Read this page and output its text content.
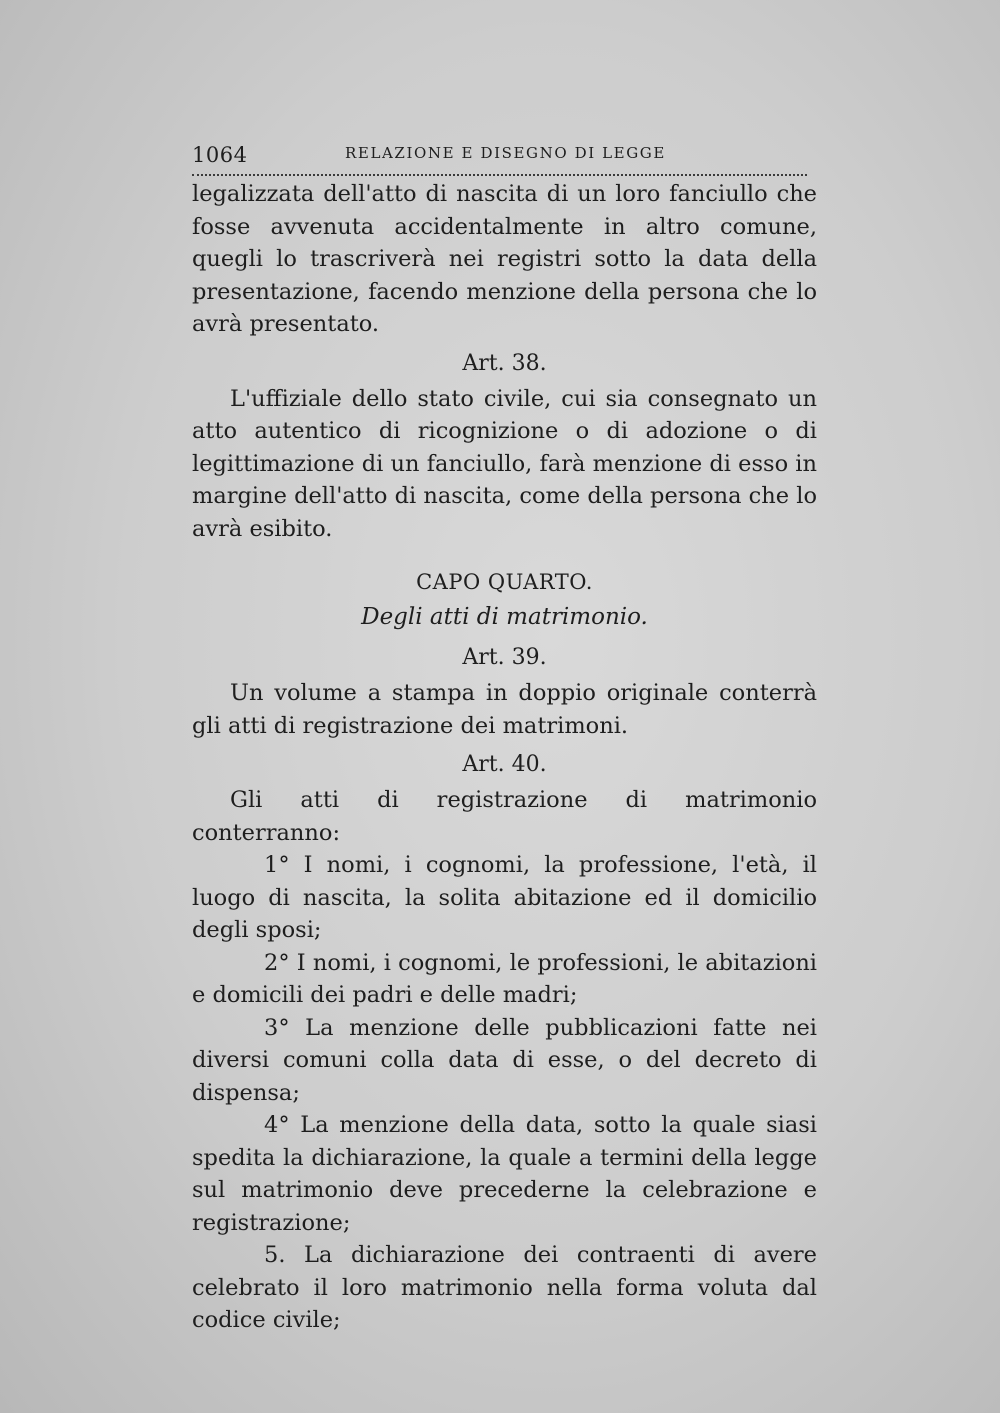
1064	RELAZIONE E DISEGNO DI LEGGE

legalizzata dell'atto di nascita di un loro fanciullo che fosse avvenuta accidentalmente in altro comune, quegli lo trascriverà nei registri sotto la data della presentazione, facendo menzione della persona che lo avrà presentato.

Art. 38.

L'uffiziale dello stato civile, cui sia consegnato un atto autentico di ricognizione o di adozione o di legittimazione di un fanciullo, farà menzione di esso in margine dell'atto di nascita, come della persona che lo avrà esibito.

CAPO QUARTO.
Degli atti di matrimonio.
Art. 39.

Un volume a stampa in doppio originale conterrà gli atti di registrazione dei matrimoni.

Art. 40.

Gli atti di registrazione di matrimonio conterranno:

1° I nomi, i cognomi, la professione, l'età, il luogo di nascita, la solita abitazione ed il domicilio degli sposi;

2° I nomi, i cognomi, le professioni, le abitazioni e domicili dei padri e delle madri;

3° La menzione delle pubblicazioni fatte nei diversi comuni colla data di esse, o del decreto di dispensa;

4° La menzione della data, sotto la quale siasi spedita la dichiarazione, la quale a termini della legge sul matrimonio deve precederne la celebrazione e registrazione;

5. La dichiarazione dei contraenti di avere celebrato il loro matrimonio nella forma voluta dal codice civile;
